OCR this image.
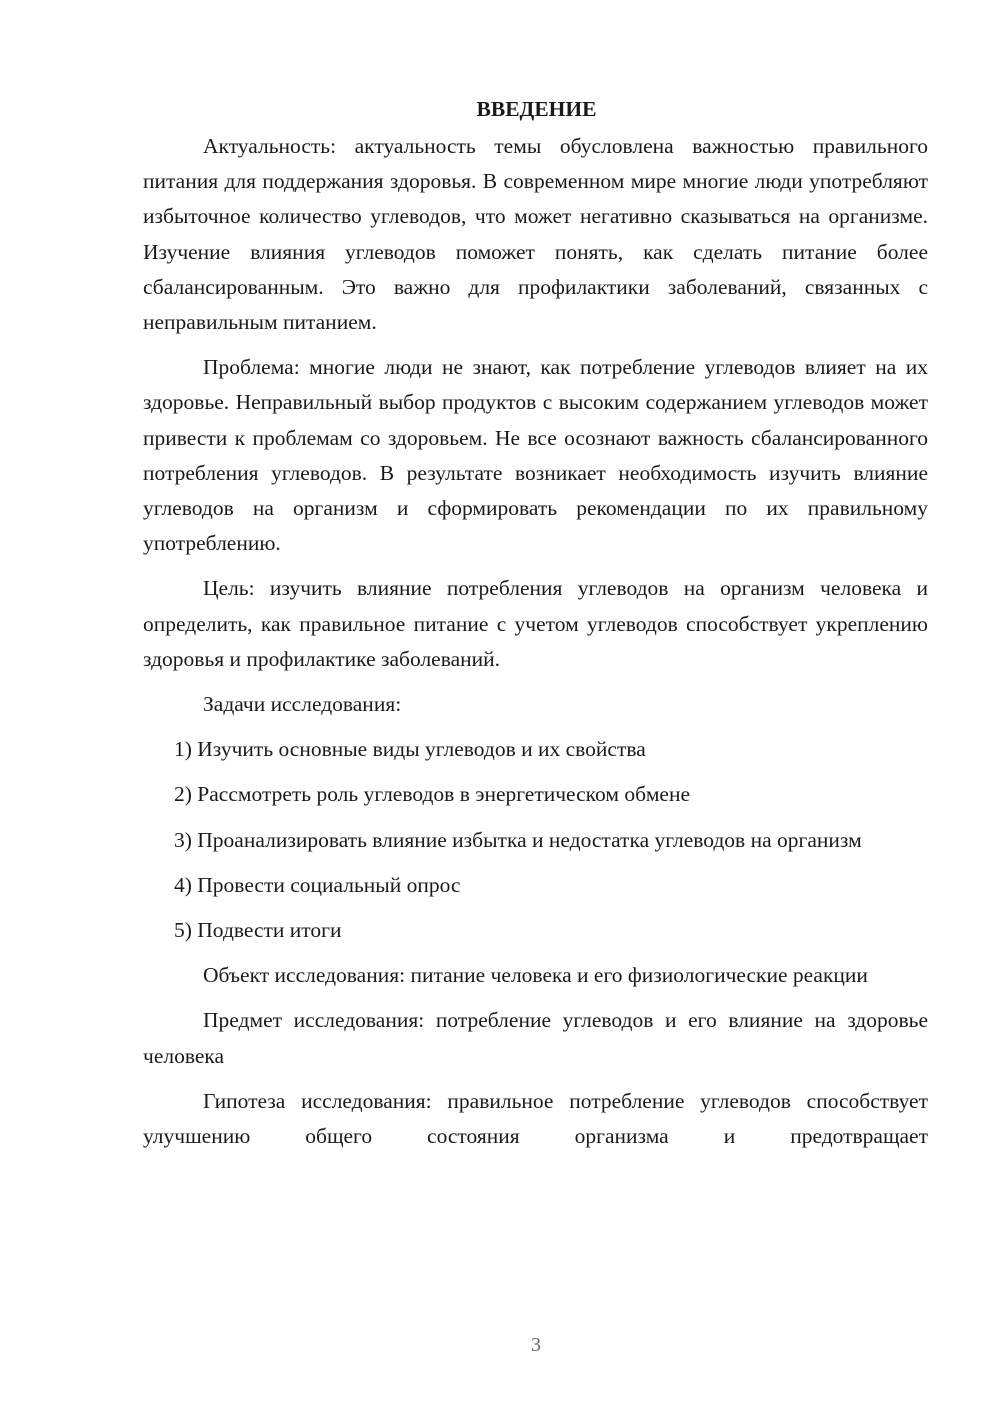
ВВЕДЕНИЕ

Актуальность: актуальность темы обусловлена важностью правильного питания для поддержания здоровья. В современном мире многие люди употребляют избыточное количество углеводов, что может негативно сказываться на организме. Изучение влияния углеводов поможет понять, как сделать питание более сбалансированным. Это важно для профилактики заболеваний, связанных с неправильным питанием.

Проблема: многие люди не знают, как потребление углеводов влияет на их здоровье. Неправильный выбор продуктов с высоким содержанием углеводов может привести к проблемам со здоровьем. Не все осознают важность сбалансированного потребления углеводов. В результате возникает необходимость изучить влияние углеводов на организм и сформировать рекомендации по их правильному употреблению.

Цель: изучить влияние потребления углеводов на организм человека и определить, как правильное питание с учетом углеводов способствует укреплению здоровья и профилактике заболеваний.

Задачи исследования:

1) Изучить основные виды углеводов и их свойства

2) Рассмотреть роль углеводов в энергетическом обмене

3) Проанализировать влияние избытка и недостатка углеводов на организм

4) Провести социальный опрос

5) Подвести итоги

Объект исследования: питание человека и его физиологические реакции

Предмет исследования: потребление углеводов и его влияние на здоровье человека

Гипотеза исследования: правильное потребление углеводов способствует улучшению общего состояния организма и предотвращает

3
